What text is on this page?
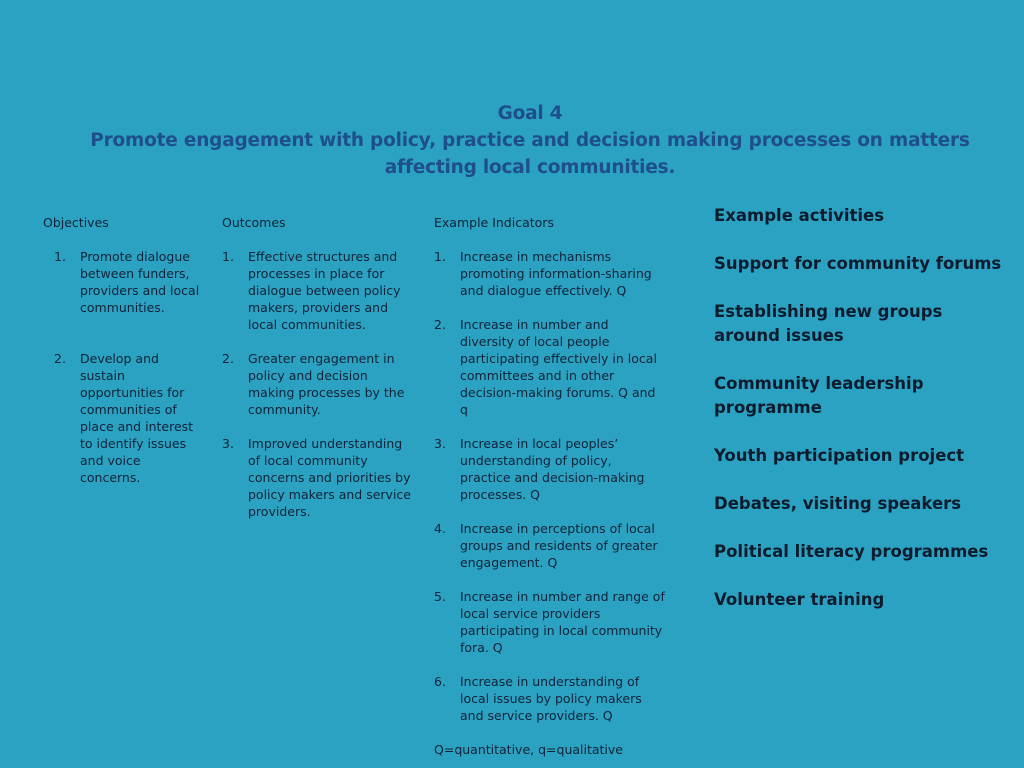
Goal 4
Promote engagement with policy, practice and decision making processes on matters
affecting local communities.
Objectives
1.	Promote dialogue between funders, providers and local communities.
2.	Develop and sustain opportunities for communities of place and interest to identify issues and voice concerns.
Outcomes
1.	Effective structures and processes in place for dialogue between policy makers, providers and local communities.
2.	Greater engagement in policy and decision making processes by the community.
3.	Improved understanding of local community concerns and priorities by policy makers and service providers.
Example Indicators
1.	Increase in mechanisms promoting information-sharing and dialogue effectively. Q
2.	Increase in number and diversity of local people participating effectively in local committees and in other decision-making forums. Q and q
3.	Increase in local peoples’ understanding of policy, practice and decision-making processes. Q
4.	Increase in perceptions of local groups and residents of greater engagement. Q
5.	Increase in number and range of local service providers participating in local community fora. Q
6.	Increase in understanding of local issues by policy makers and service providers. Q
Q=quantitative, q=qualitative
Example activities
Support for community forums
Establishing new groups around issues
Community leadership programme
Youth participation project
Debates, visiting speakers
Political literacy programmes
Volunteer training
